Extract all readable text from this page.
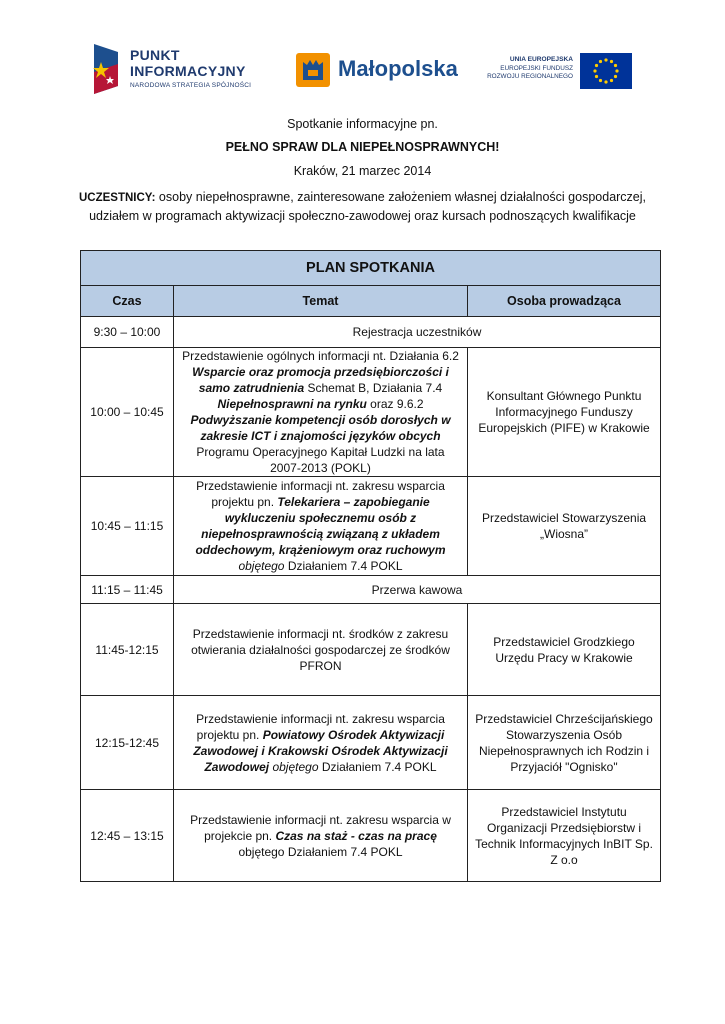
PUNKT
INFORMACYJNY
NARODOWA STRATEGIA SPÓJNOŚCI
Małopolska	UNIA EUROPEJSKA
EUROPEJSKI FUNDUSZ
ROZWOJU REGIONALNEGO
Spotkanie informacyjne pn.
PEŁNO SPRAW DLA NIEPEŁNOSPRAWNYCH!
Kraków, 21 marzec 2014
UCZESTNICY: osoby niepełnosprawne, zainteresowane założeniem własnej działalności gospodarczej, udziałem w programach aktywizacji społeczno-zawodowej oraz kursach podnoszących kwalifikacje
PLAN SPOTKANIA		
Czas	Temat	Osoba prowadząca
9:30 – 10:00	Rejestracja uczestników	
10:00 – 10:45	Przedstawienie ogólnych informacji nt. Działania 6.2 Wsparcie oraz promocja przedsiębiorczości i samo zatrudnienia Schemat B, Działania 7.4 Niepełnosprawni na rynku oraz 9.6.2 Podwyższanie kompetencji osób dorosłych w zakresie ICT i znajomości języków obcych Programu Operacyjnego Kapitał Ludzki na lata 2007-2013 (POKL)	Konsultant Głównego Punktu Informacyjnego Funduszy Europejskich (PIFE) w Krakowie
10:45 – 11:15	Przedstawienie informacji nt. zakresu wsparcia projektu pn. Telekariera – zapobieganie wykluczeniu społecznemu osób z niepełnosprawnością związaną z układem oddechowym, krążeniowym oraz ruchowym objętego Działaniem 7.4 POKL	Przedstawiciel Stowarzyszenia „Wiosna”
11:15 – 11:45	Przerwa kawowa	
11:45-12:15	Przedstawienie informacji nt. środków z zakresu otwierania działalności gospodarczej ze środków PFRON	Przedstawiciel Grodzkiego Urzędu Pracy w Krakowie
12:15-12:45	Przedstawienie informacji nt. zakresu wsparcia projektu pn. Powiatowy Ośrodek Aktywizacji Zawodowej i Krakowski Ośrodek Aktywizacji Zawodowej objętego Działaniem 7.4 POKL	Przedstawiciel Chrześcijańskiego Stowarzyszenia Osób Niepełnosprawnych ich Rodzin i Przyjaciół "Ognisko"
12:45 – 13:15	Przedstawienie informacji nt. zakresu wsparcia w projekcie pn. Czas na staż - czas na pracę objętego Działaniem 7.4 POKL	Przedstawiciel Instytutu Organizacji Przedsiębiorstw i Technik Informacyjnych InBIT Sp. Z o.o
